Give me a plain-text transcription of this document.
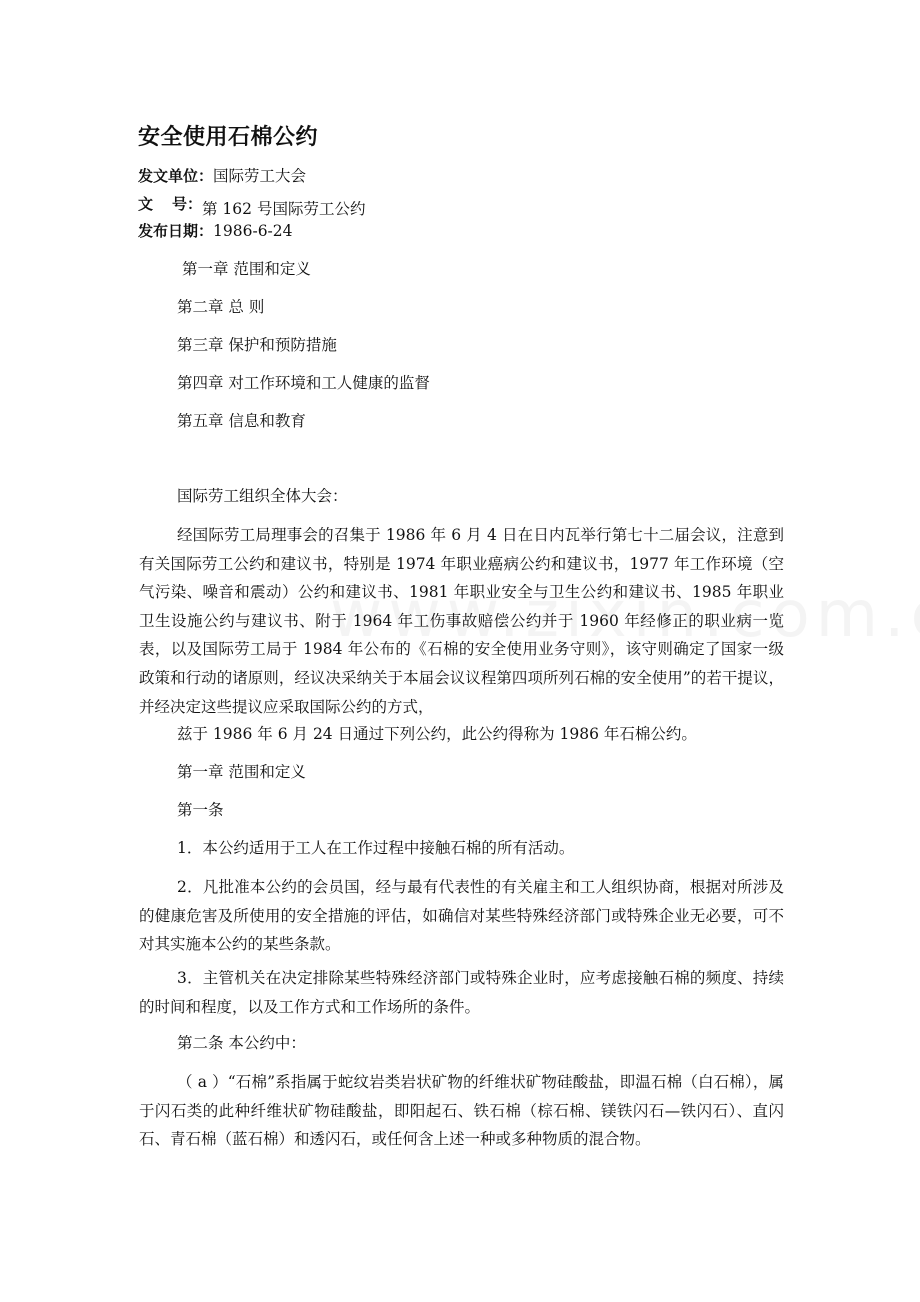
安全使用石棉公约
发文单位：国际劳工大会
文 号： 第 162 号国际劳工公约
发布日期：1986-6-24
第一章 范围和定义
第二章 总 则
第三章 保护和预防措施
第四章 对工作环境和工人健康的监督
第五章 信息和教育
国际劳工组织全体大会：

经国际劳工局理事会的召集于 1986 年 6 月 4 日在日内瓦举行第七十二届会议，注意到有关国际劳工公约和建议书，特别是 1974 年职业癌病公约和建议书，1977 年工作环境（空气污染、噪音和震动）公约和建议书、1981 年职业安全与卫生公约和建议书、1985 年职业卫生设施公约与建议书、附于 1964 年工伤事故赔偿公约并于 1960 年经修正的职业病一览表，以及国际劳工局于 1984 年公布的《石棉的安全使用业务守则》，该守则确定了国家一级政策和行动的诸原则，经议决采纳关于本届会议议程第四项所列石棉的安全使用”的若干提议，并经决定这些提议应采取国际公约的方式，

兹于 1986 年 6 月 24 日通过下列公约，此公约得称为 1986 年石棉公约。
第一章 范围和定义
第一条
1．本公约适用于工人在工作过程中接触石棉的所有活动。

2．凡批准本公约的会员国，经与最有代表性的有关雇主和工人组织协商，根据对所涉及的健康危害及所使用的安全措施的评估，如确信对某些特殊经济部门或特殊企业无必要，可不对其实施本公约的某些条款。

3．主管机关在决定排除某些特殊经济部门或特殊企业时，应考虑接触石棉的频度、持续的时间和程度，以及工作方式和工作场所的条件。

第二条 本公约中：

（ a ）“石棉”系指属于蛇纹岩类岩状矿物的纤维状矿物硅酸盐，即温石棉（白石棉），属于闪石类的此种纤维状矿物硅酸盐，即阳起石、铁石棉（棕石棉、镁铁闪石—铁闪石）、直闪石、青石棉（蓝石棉）和透闪石，或任何含上述一种或多种物质的混合物。
